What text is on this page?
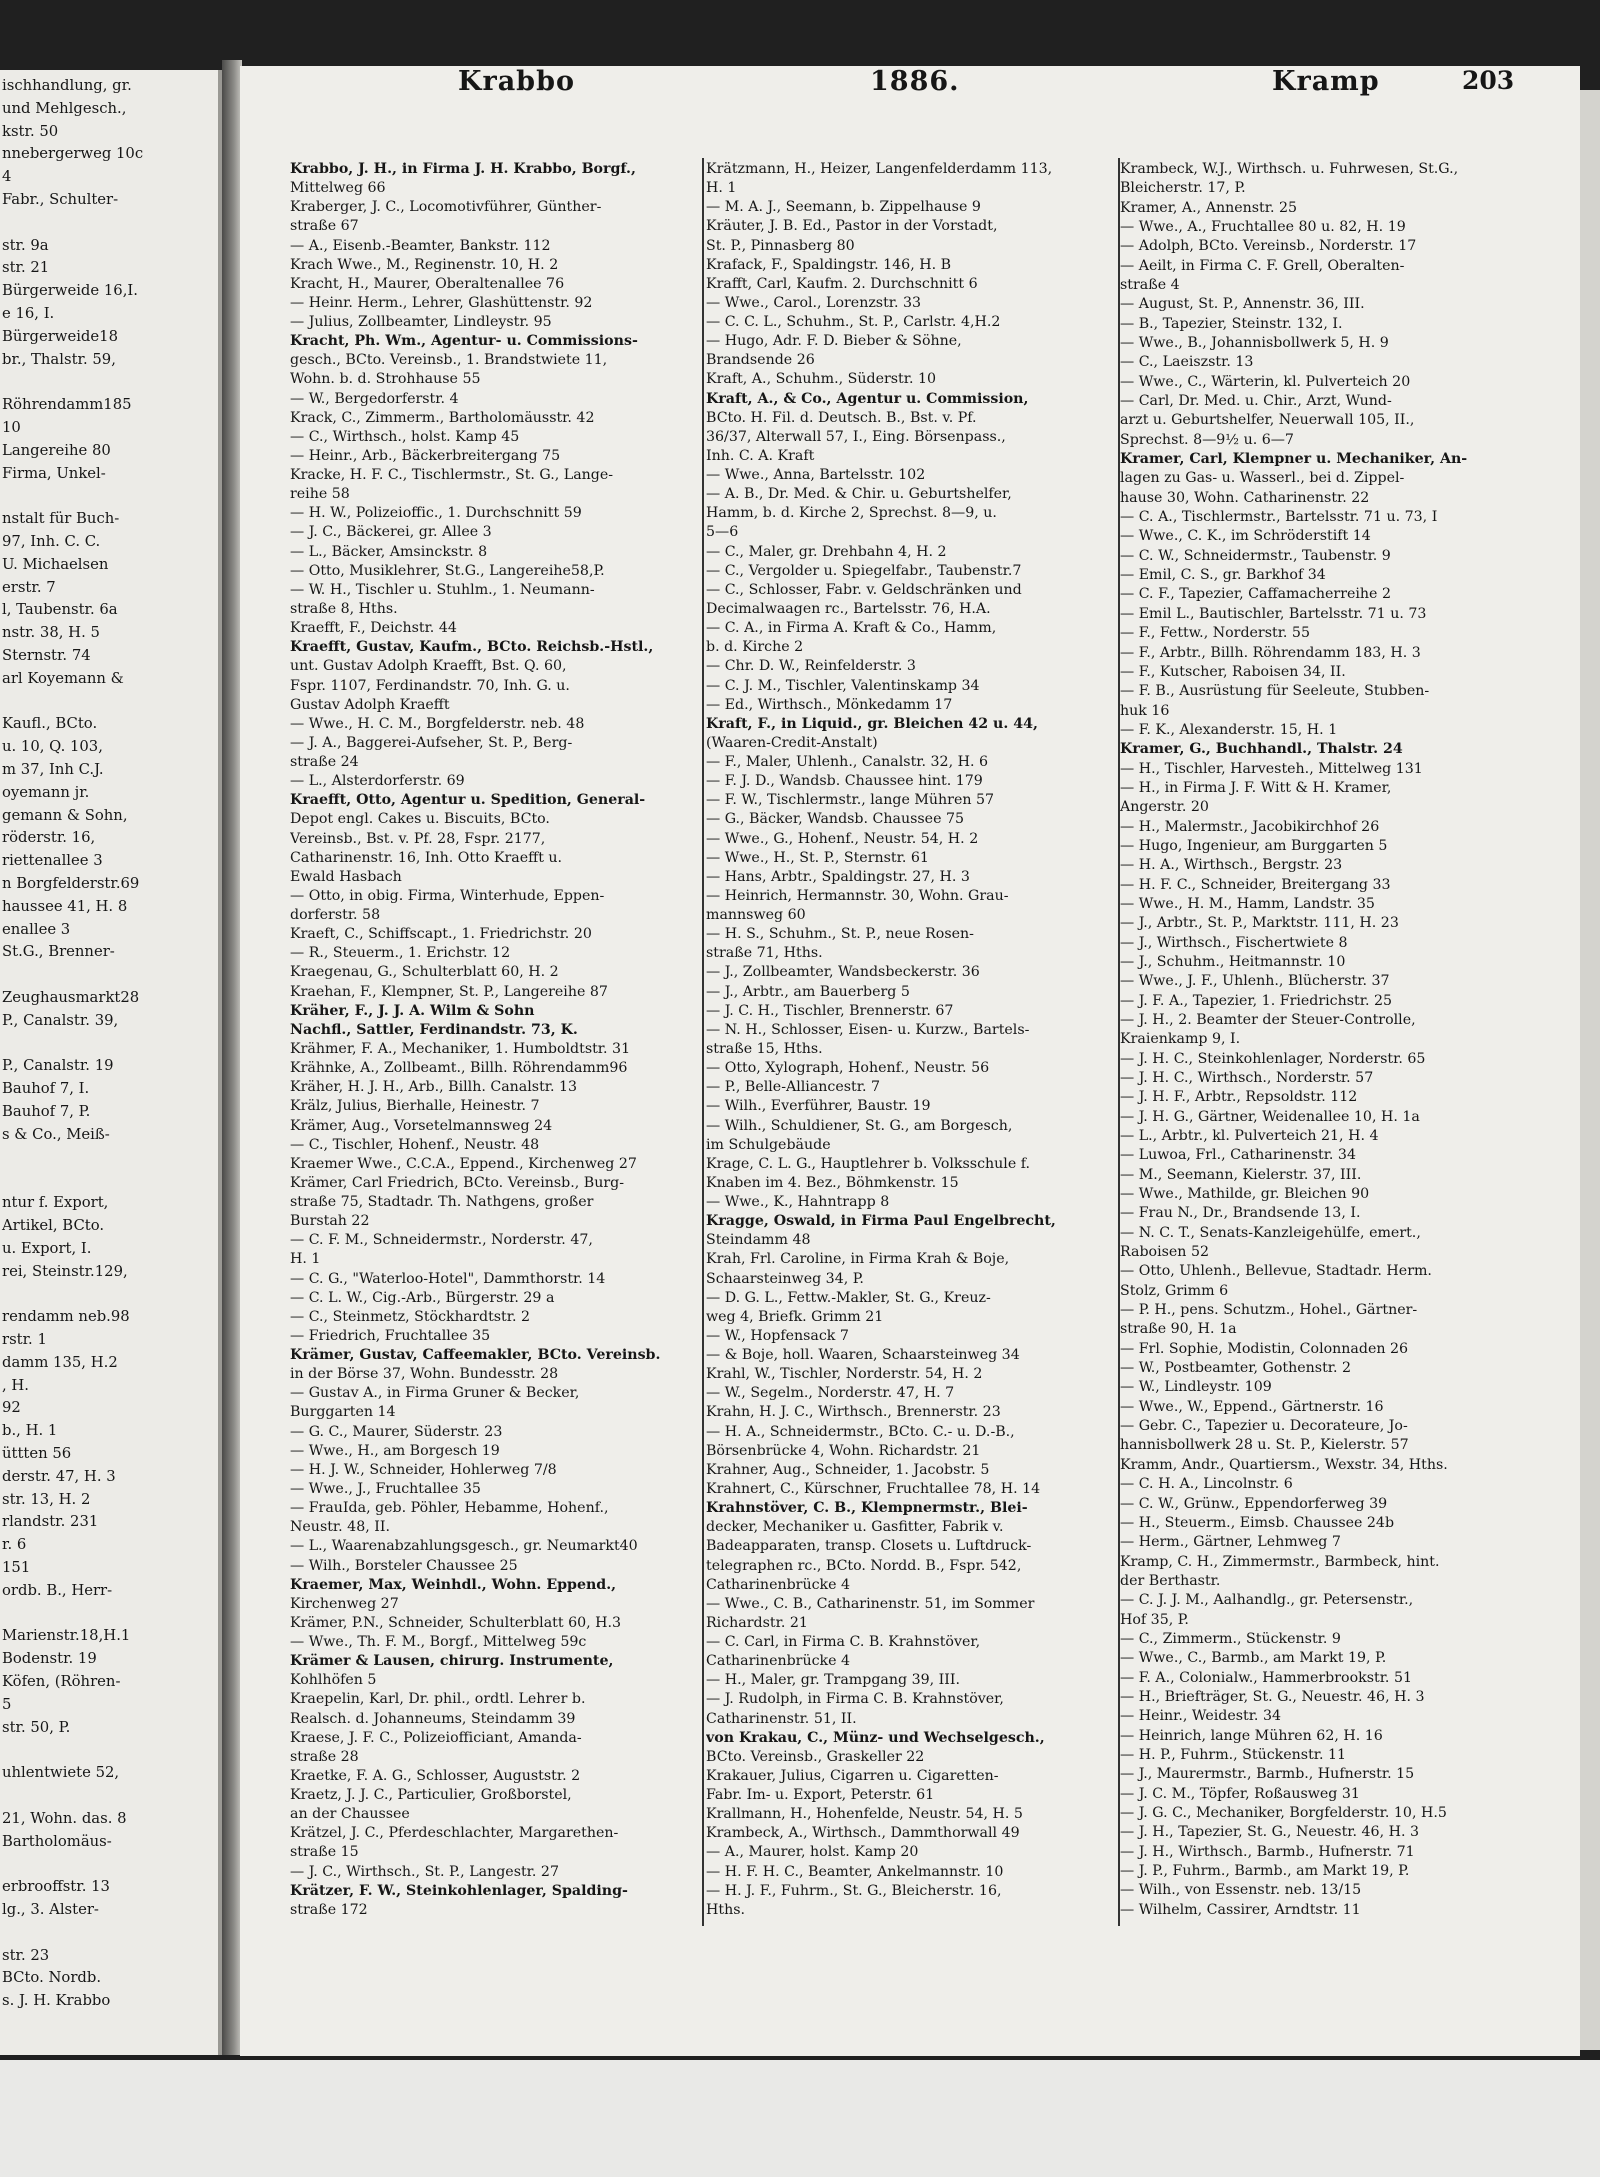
ischhandlung, gr.
und Mehlgesch.,
kstr. 50
nnebergerweg 10c
4
Fabr., Schulter-
str. 9a
str. 21
Bürgerweide 16,I.
e 16, I.
Bürgerweide18
br., Thalstr. 59,
Röhrendamm185
10
Langereihe 80
Firma, Unkel-
nstalt für Buch-
97, Inh. C. C.
U. Michaelsen
erstr. 7
l, Taubenstr. 6a
nstr. 38, H. 5
Sternstr. 74
arl Koyemann &
Kaufl., BCto.
u. 10, Q. 103,
m 37, Inh C.J.
oyemann jr.
gemann & Sohn,
röderstr. 16,
riettenallee 3
n Borgfelderstr.69
haussee 41, H. 8
enallee 3
St.G., Brenner-
Zeughausmarkt28
P., Canalstr. 39,
P., Canalstr. 19
Bauhof 7, I.
Bauhof 7, P.
s & Co., Meiß-
ntur f. Export,
Artikel, BCto.
u. Export, I.
rei, Steinstr.129,
rendamm neb.98
rstr. 1
damm 135, H.2
, H.
92
b., H. 1
üttten 56
derstr. 47, H. 3
str. 13, H. 2
rlandstr. 231
r. 6
151
ordb. B., Herr-
Marienstr.18,H.1
Bodenstr. 19
Köfen, (Röhren-
5
str. 50, P.
uhlentwiete 52,
21, Wohn. das. 8
Bartholomäus-
erbrooffstr. 13
lg., 3. Alster-
str. 23
BCto. Nordb.
s. J. H. Krabbo
Krabbo	1886.	Kramp	203
Krabbo, J. H., in Firma J. H. Krabbo, Borgf.,
Mittelweg 66
Kraberger, J. C., Locomotivführer, Günther-
straße 67
— A., Eisenb.-Beamter, Bankstr. 112
Krach Wwe., M., Reginenstr. 10, H. 2
Kracht, H., Maurer, Oberaltenallee 76
— Heinr. Herm., Lehrer, Glashüttenstr. 92
— Julius, Zollbeamter, Lindleystr. 95
Kracht, Ph. Wm., Agentur- u. Commissions-
gesch., BCto. Vereinsb., 1. Brandstwiete 11,
Wohn. b. d. Strohhause 55
— W., Bergedorferstr. 4
Krack, C., Zimmerm., Bartholomäusstr. 42
— C., Wirthsch., holst. Kamp 45
— Heinr., Arb., Bäckerbreitergang 75
Kracke, H. F. C., Tischlermstr., St. G., Lange-
reihe 58
— H. W., Polizeioffic., 1. Durchschnitt 59
— J. C., Bäckerei, gr. Allee 3
— L., Bäcker, Amsinckstr. 8
— Otto, Musiklehrer, St.G., Langereihe58,P.
— W. H., Tischler u. Stuhlm., 1. Neumann-
straße 8, Hths.
Kraefft, F., Deichstr. 44
Kraefft, Gustav, Kaufm., BCto. Reichsb.-Hstl.,
unt. Gustav Adolph Kraefft, Bst. Q. 60,
Fspr. 1107, Ferdinandstr. 70, Inh. G. u.
Gustav Adolph Kraefft
— Wwe., H. C. M., Borgfelderstr. neb. 48
— J. A., Baggerei-Aufseher, St. P., Berg-
straße 24
— L., Alsterdorferstr. 69
Kraefft, Otto, Agentur u. Spedition, General-
Depot engl. Cakes u. Biscuits, BCto.
Vereinsb., Bst. v. Pf. 28, Fspr. 2177,
Catharinenstr. 16, Inh. Otto Kraefft u.
Ewald Hasbach
— Otto, in obig. Firma, Winterhude, Eppen-
dorferstr. 58
Kraeft, C., Schiffscapt., 1. Friedrichstr. 20
— R., Steuerm., 1. Erichstr. 12
Kraegenau, G., Schulterblatt 60, H. 2
Kraehan, F., Klempner, St. P., Langereihe 87
Kräher, F., J. J. A. Wilm & Sohn
Nachfl., Sattler, Ferdinandstr. 73, K.
Krähmer, F. A., Mechaniker, 1. Humboldtstr. 31
Krähnke, A., Zollbeamt., Billh. Röhrendamm96
Kräher, H. J. H., Arb., Billh. Canalstr. 13
Krälz, Julius, Bierhalle, Heinestr. 7
Krämer, Aug., Vorsetelmannsweg 24
— C., Tischler, Hohenf., Neustr. 48
Kraemer Wwe., C.C.A., Eppend., Kirchenweg 27
Krämer, Carl Friedrich, BCto. Vereinsb., Burg-
straße 75, Stadtadr. Th. Nathgens, großer
Burstah 22
— C. F. M., Schneidermstr., Norderstr. 47,
H. 1
— C. G., "Waterloo-Hotel", Dammthorstr. 14
— C. L. W., Cig.-Arb., Bürgerstr. 29 a
— C., Steinmetz, Stöckhardtstr. 2
— Friedrich, Fruchtallee 35
Krämer, Gustav, Caffeemakler, BCto. Vereinsb.
in der Börse 37, Wohn. Bundesstr. 28
— Gustav A., in Firma Gruner & Becker,
Burggarten 14
— G. C., Maurer, Süderstr. 23
— Wwe., H., am Borgesch 19
— H. J. W., Schneider, Hohlerweg 7/8
— Wwe., J., Fruchtallee 35
— FrauIda, geb. Pöhler, Hebamme, Hohenf.,
Neustr. 48, II.
— L., Waarenabzahlungsgesch., gr. Neumarkt40
— Wilh., Borsteler Chaussee 25
Kraemer, Max, Weinhdl., Wohn. Eppend.,
Kirchenweg 27
Krämer, P.N., Schneider, Schulterblatt 60, H.3
— Wwe., Th. F. M., Borgf., Mittelweg 59c
Krämer & Lausen, chirurg. Instrumente,
Kohlhöfen 5
Kraepelin, Karl, Dr. phil., ordtl. Lehrer b.
Realsch. d. Johanneums, Steindamm 39
Kraese, J. F. C., Polizeiofficiant, Amanda-
straße 28
Kraetke, F. A. G., Schlosser, Auguststr. 2
Kraetz, J. J. C., Particulier, Großborstel,
an der Chaussee
Krätzel, J. C., Pferdeschlachter, Margarethen-
straße 15
— J. C., Wirthsch., St. P., Langestr. 27
Krätzer, F. W., Steinkohlenlager, Spalding-
straße 172
Krätzmann, H., Heizer, Langenfelderdamm 113,
H. 1
— M. A. J., Seemann, b. Zippelhause 9
Kräuter, J. B. Ed., Pastor in der Vorstadt,
St. P., Pinnasberg 80
Krafack, F., Spaldingstr. 146, H. B
Krafft, Carl, Kaufm. 2. Durchschnitt 6
— Wwe., Carol., Lorenzstr. 33
— C. C. L., Schuhm., St. P., Carlstr. 4,H.2
— Hugo, Adr. F. D. Bieber & Söhne,
Brandsende 26
Kraft, A., Schuhm., Süderstr. 10
Kraft, A., & Co., Agentur u. Commission,
BCto. H. Fil. d. Deutsch. B., Bst. v. Pf.
36/37, Alterwall 57, I., Eing. Börsenpass.,
Inh. C. A. Kraft
— Wwe., Anna, Bartelsstr. 102
— A. B., Dr. Med. & Chir. u. Geburtshelfer,
Hamm, b. d. Kirche 2, Sprechst. 8—9, u.
5—6
— C., Maler, gr. Drehbahn 4, H. 2
— C., Vergolder u. Spiegelfabr., Taubenstr.7
— C., Schlosser, Fabr. v. Geldschränken und
Decimalwaagen rc., Bartelsstr. 76, H.A.
— C. A., in Firma A. Kraft & Co., Hamm,
b. d. Kirche 2
— Chr. D. W., Reinfelderstr. 3
— C. J. M., Tischler, Valentinskamp 34
— Ed., Wirthsch., Mönkedamm 17
Kraft, F., in Liquid., gr. Bleichen 42 u. 44,
(Waaren-Credit-Anstalt)
— F., Maler, Uhlenh., Canalstr. 32, H. 6
— F. J. D., Wandsb. Chaussee hint. 179
— F. W., Tischlermstr., lange Mühren 57
— G., Bäcker, Wandsb. Chaussee 75
— Wwe., G., Hohenf., Neustr. 54, H. 2
— Wwe., H., St. P., Sternstr. 61
— Hans, Arbtr., Spaldingstr. 27, H. 3
— Heinrich, Hermannstr. 30, Wohn. Grau-
mannsweg 60
— H. S., Schuhm., St. P., neue Rosen-
straße 71, Hths.
— J., Zollbeamter, Wandsbeckerstr. 36
— J., Arbtr., am Bauerberg 5
— J. C. H., Tischler, Brennerstr. 67
— N. H., Schlosser, Eisen- u. Kurzw., Bartels-
straße 15, Hths.
— Otto, Xylograph, Hohenf., Neustr. 56
— P., Belle-Alliancestr. 7
— Wilh., Everführer, Baustr. 19
— Wilh., Schuldiener, St. G., am Borgesch,
im Schulgebäude
Krage, C. L. G., Hauptlehrer b. Volksschule f.
Knaben im 4. Bez., Böhmkenstr. 15
— Wwe., K., Hahntrapp 8
Kragge, Oswald, in Firma Paul Engelbrecht,
Steindamm 48
Krah, Frl. Caroline, in Firma Krah & Boje,
Schaarsteinweg 34, P.
— D. G. L., Fettw.-Makler, St. G., Kreuz-
weg 4, Briefk. Grimm 21
— W., Hopfensack 7
— & Boje, holl. Waaren, Schaarsteinweg 34
Krahl, W., Tischler, Norderstr. 54, H. 2
— W., Segelm., Norderstr. 47, H. 7
Krahn, H. J. C., Wirthsch., Brennerstr. 23
— H. A., Schneidermstr., BCto. C.- u. D.-B.,
Börsenbrücke 4, Wohn. Richardstr. 21
Krahner, Aug., Schneider, 1. Jacobstr. 5
Krahnert, C., Kürschner, Fruchtallee 78, H. 14
Krahnstöver, C. B., Klempnermstr., Blei-
decker, Mechaniker u. Gasfitter, Fabrik v.
Badeapparaten, transp. Closets u. Luftdruck-
telegraphen rc., BCto. Nordd. B., Fspr. 542,
Catharinenbrücke 4
— Wwe., C. B., Catharinenstr. 51, im Sommer
Richardstr. 21
— C. Carl, in Firma C. B. Krahnstöver,
Catharinenbrücke 4
— H., Maler, gr. Trampgang 39, III.
— J. Rudolph, in Firma C. B. Krahnstöver,
Catharinenstr. 51, II.
von Krakau, C., Münz- und Wechselgesch.,
BCto. Vereinsb., Graskeller 22
Krakauer, Julius, Cigarren u. Cigaretten-
Fabr. Im- u. Export, Peterstr. 61
Krallmann, H., Hohenfelde, Neustr. 54, H. 5
Krambeck, A., Wirthsch., Dammthorwall 49
— A., Maurer, holst. Kamp 20
— H. F. H. C., Beamter, Ankelmannstr. 10
— H. J. F., Fuhrm., St. G., Bleicherstr. 16,
Hths.
Krambeck, W.J., Wirthsch. u. Fuhrwesen, St.G.,
Bleicherstr. 17, P.
Kramer, A., Annenstr. 25
— Wwe., A., Fruchtallee 80 u. 82, H. 19
— Adolph, BCto. Vereinsb., Norderstr. 17
— Aeilt, in Firma C. F. Grell, Oberalten-
straße 4
— August, St. P., Annenstr. 36, III.
— B., Tapezier, Steinstr. 132, I.
— Wwe., B., Johannisbollwerk 5, H. 9
— C., Laeiszstr. 13
— Wwe., C., Wärterin, kl. Pulverteich 20
— Carl, Dr. Med. u. Chir., Arzt, Wund-
arzt u. Geburtshelfer, Neuerwall 105, II.,
Sprechst. 8—9½ u. 6—7
Kramer, Carl, Klempner u. Mechaniker, An-
lagen zu Gas- u. Wasserl., bei d. Zippel-
hause 30, Wohn. Catharinenstr. 22
— C. A., Tischlermstr., Bartelsstr. 71 u. 73, I
— Wwe., C. K., im Schröderstift 14
— C. W., Schneidermstr., Taubenstr. 9
— Emil, C. S., gr. Barkhof 34
— C. F., Tapezier, Caffamacherreihe 2
— Emil L., Bautischler, Bartelsstr. 71 u. 73
— F., Fettw., Norderstr. 55
— F., Arbtr., Billh. Röhrendamm 183, H. 3
— F., Kutscher, Raboisen 34, II.
— F. B., Ausrüstung für Seeleute, Stubben-
huk 16
— F. K., Alexanderstr. 15, H. 1
Kramer, G., Buchhandl., Thalstr. 24
— H., Tischler, Harvesteh., Mittelweg 131
— H., in Firma J. F. Witt & H. Kramer,
Angerstr. 20
— H., Malermstr., Jacobikirchhof 26
— Hugo, Ingenieur, am Burggarten 5
— H. A., Wirthsch., Bergstr. 23
— H. F. C., Schneider, Breitergang 33
— Wwe., H. M., Hamm, Landstr. 35
— J., Arbtr., St. P., Marktstr. 111, H. 23
— J., Wirthsch., Fischertwiete 8
— J., Schuhm., Heitmannstr. 10
— Wwe., J. F., Uhlenh., Blücherstr. 37
— J. F. A., Tapezier, 1. Friedrichstr. 25
— J. H., 2. Beamter der Steuer-Controlle,
Kraienkamp 9, I.
— J. H. C., Steinkohlenlager, Norderstr. 65
— J. H. C., Wirthsch., Norderstr. 57
— J. H. F., Arbtr., Repsoldstr. 112
— J. H. G., Gärtner, Weidenallee 10, H. 1a
— L., Arbtr., kl. Pulverteich 21, H. 4
— Luwoa, Frl., Catharinenstr. 34
— M., Seemann, Kielerstr. 37, III.
— Wwe., Mathilde, gr. Bleichen 90
— Frau N., Dr., Brandsende 13, I.
— N. C. T., Senats-Kanzleigehülfe, emert.,
Raboisen 52
— Otto, Uhlenh., Bellevue, Stadtadr. Herm.
Stolz, Grimm 6
— P. H., pens. Schutzm., Hohel., Gärtner-
straße 90, H. 1a
— Frl. Sophie, Modistin, Colonnaden 26
— W., Postbeamter, Gothenstr. 2
— W., Lindleystr. 109
— Wwe., W., Eppend., Gärtnerstr. 16
— Gebr. C., Tapezier u. Decorateure, Jo-
hannisbollwerk 28 u. St. P., Kielerstr. 57
Kramm, Andr., Quartiersm., Wexstr. 34, Hths.
— C. H. A., Lincolnstr. 6
— C. W., Grünw., Eppendorferweg 39
— H., Steuerm., Eimsb. Chaussee 24b
— Herm., Gärtner, Lehmweg 7
Kramp, C. H., Zimmermstr., Barmbeck, hint.
der Berthastr.
— C. J. J. M., Aalhandlg., gr. Petersenstr.,
Hof 35, P.
— C., Zimmerm., Stückenstr. 9
— Wwe., C., Barmb., am Markt 19, P.
— F. A., Colonialw., Hammerbrookstr. 51
— H., Briefträger, St. G., Neuestr. 46, H. 3
— Heinr., Weidestr. 34
— Heinrich, lange Mühren 62, H. 16
— H. P., Fuhrm., Stückenstr. 11
— J., Maurermstr., Barmb., Hufnerstr. 15
— J. C. M., Töpfer, Roßausweg 31
— J. G. C., Mechaniker, Borgfelderstr. 10, H.5
— J. H., Tapezier, St. G., Neuestr. 46, H. 3
— J. H., Wirthsch., Barmb., Hufnerstr. 71
— J. P., Fuhrm., Barmb., am Markt 19, P.
— Wilh., von Essenstr. neb. 13/15
— Wilhelm, Cassirer, Arndtstr. 11
